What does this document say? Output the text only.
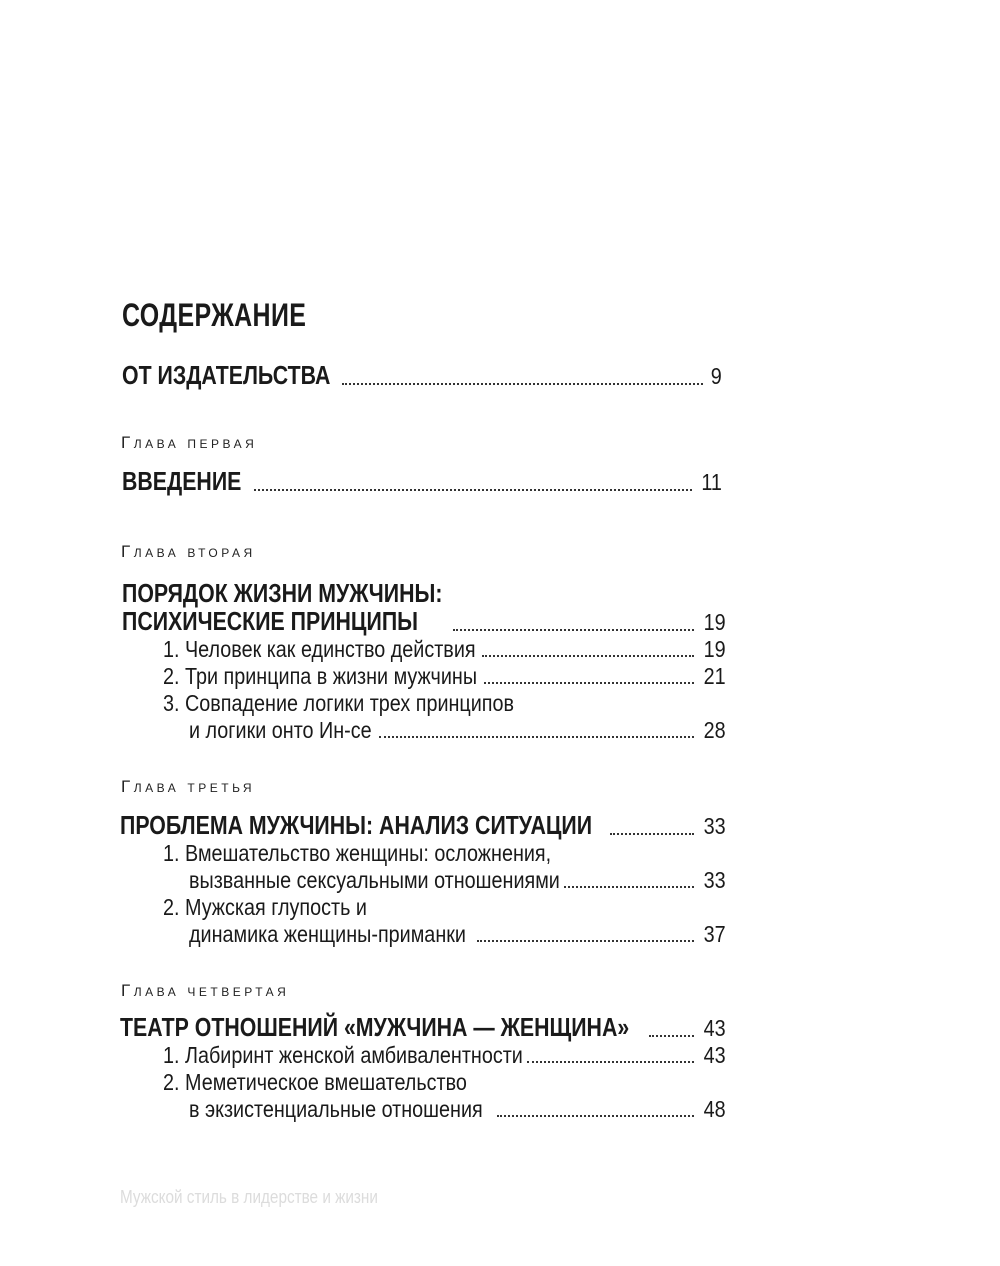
СОДЕРЖАНИЕ
ОТ ИЗДАТЕЛЬСТВА	9
Глава первая
ВВЕДЕНИЕ	11
Глава вторая
ПОРЯДОК ЖИЗНИ МУЖЧИНЫ:
ПСИХИЧЕСКИЕ ПРИНЦИПЫ	19
1. Человек как единство действия	19
2. Три принципа в жизни мужчины	21
3. Совпадение логики трех принципов
и логики онто Ин-се	28
Глава третья
ПРОБЛЕМА МУЖЧИНЫ: АНАЛИЗ СИТУАЦИИ	33
1. Вмешательство женщины: осложнения,
вызванные сексуальными отношениями	33
2. Мужская глупость и
динамика женщины-приманки	37
Глава четвертая
ТЕАТР ОТНОШЕНИЙ «МУЖЧИНА — ЖЕНЩИНА»	43
1. Лабиринт женской амбивалентности	43
2. Меметическое вмешательство
в экзистенциальные отношения	48
Мужской стиль в лидерстве и жизни
